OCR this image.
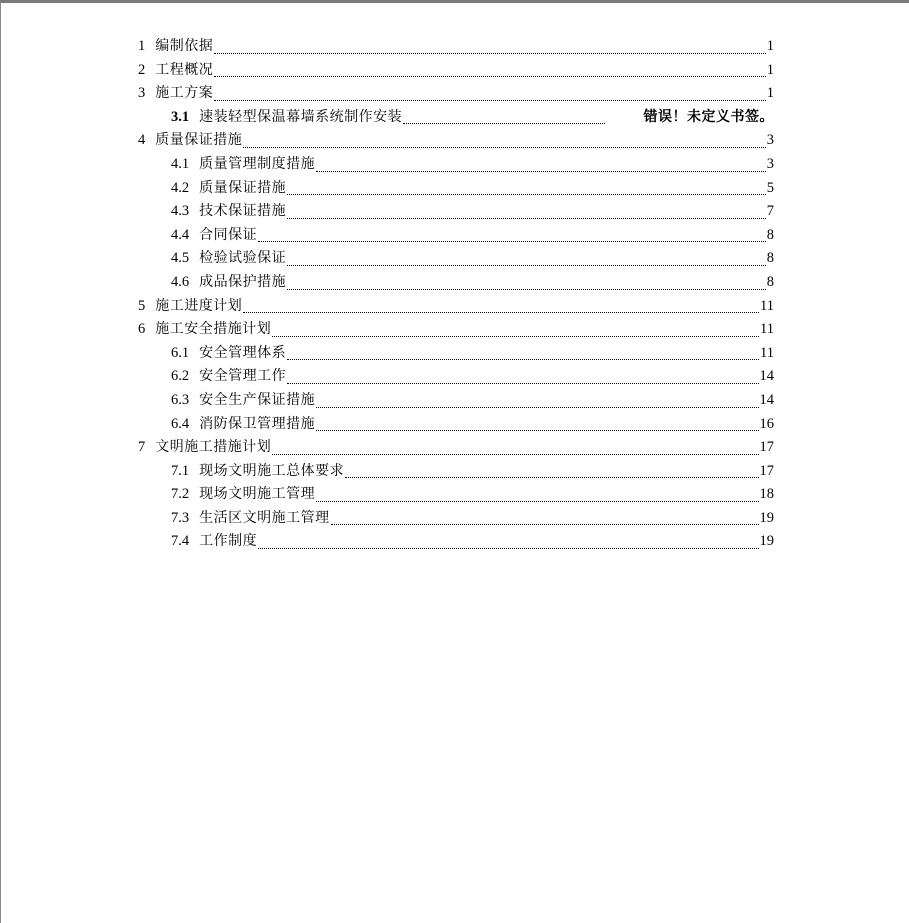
1 编制依据	1
2 工程概况	1
3 施工方案	1
3.1 速装轻型保温幕墙系统制作安装	错误！未定义书签。
4 质量保证措施	3
4.1 质量管理制度措施	3
4.2 质量保证措施	5
4.3 技术保证措施	7
4.4 合同保证	8
4.5 检验试验保证	8
4.6 成品保护措施	8
5 施工进度计划	11
6 施工安全措施计划	11
6.1 安全管理体系	11
6.2 安全管理工作	14
6.3 安全生产保证措施	14
6.4 消防保卫管理措施	16
7 文明施工措施计划	17
7.1 现场文明施工总体要求	17
7.2 现场文明施工管理	18
7.3 生活区文明施工管理	19
7.4 工作制度	19
